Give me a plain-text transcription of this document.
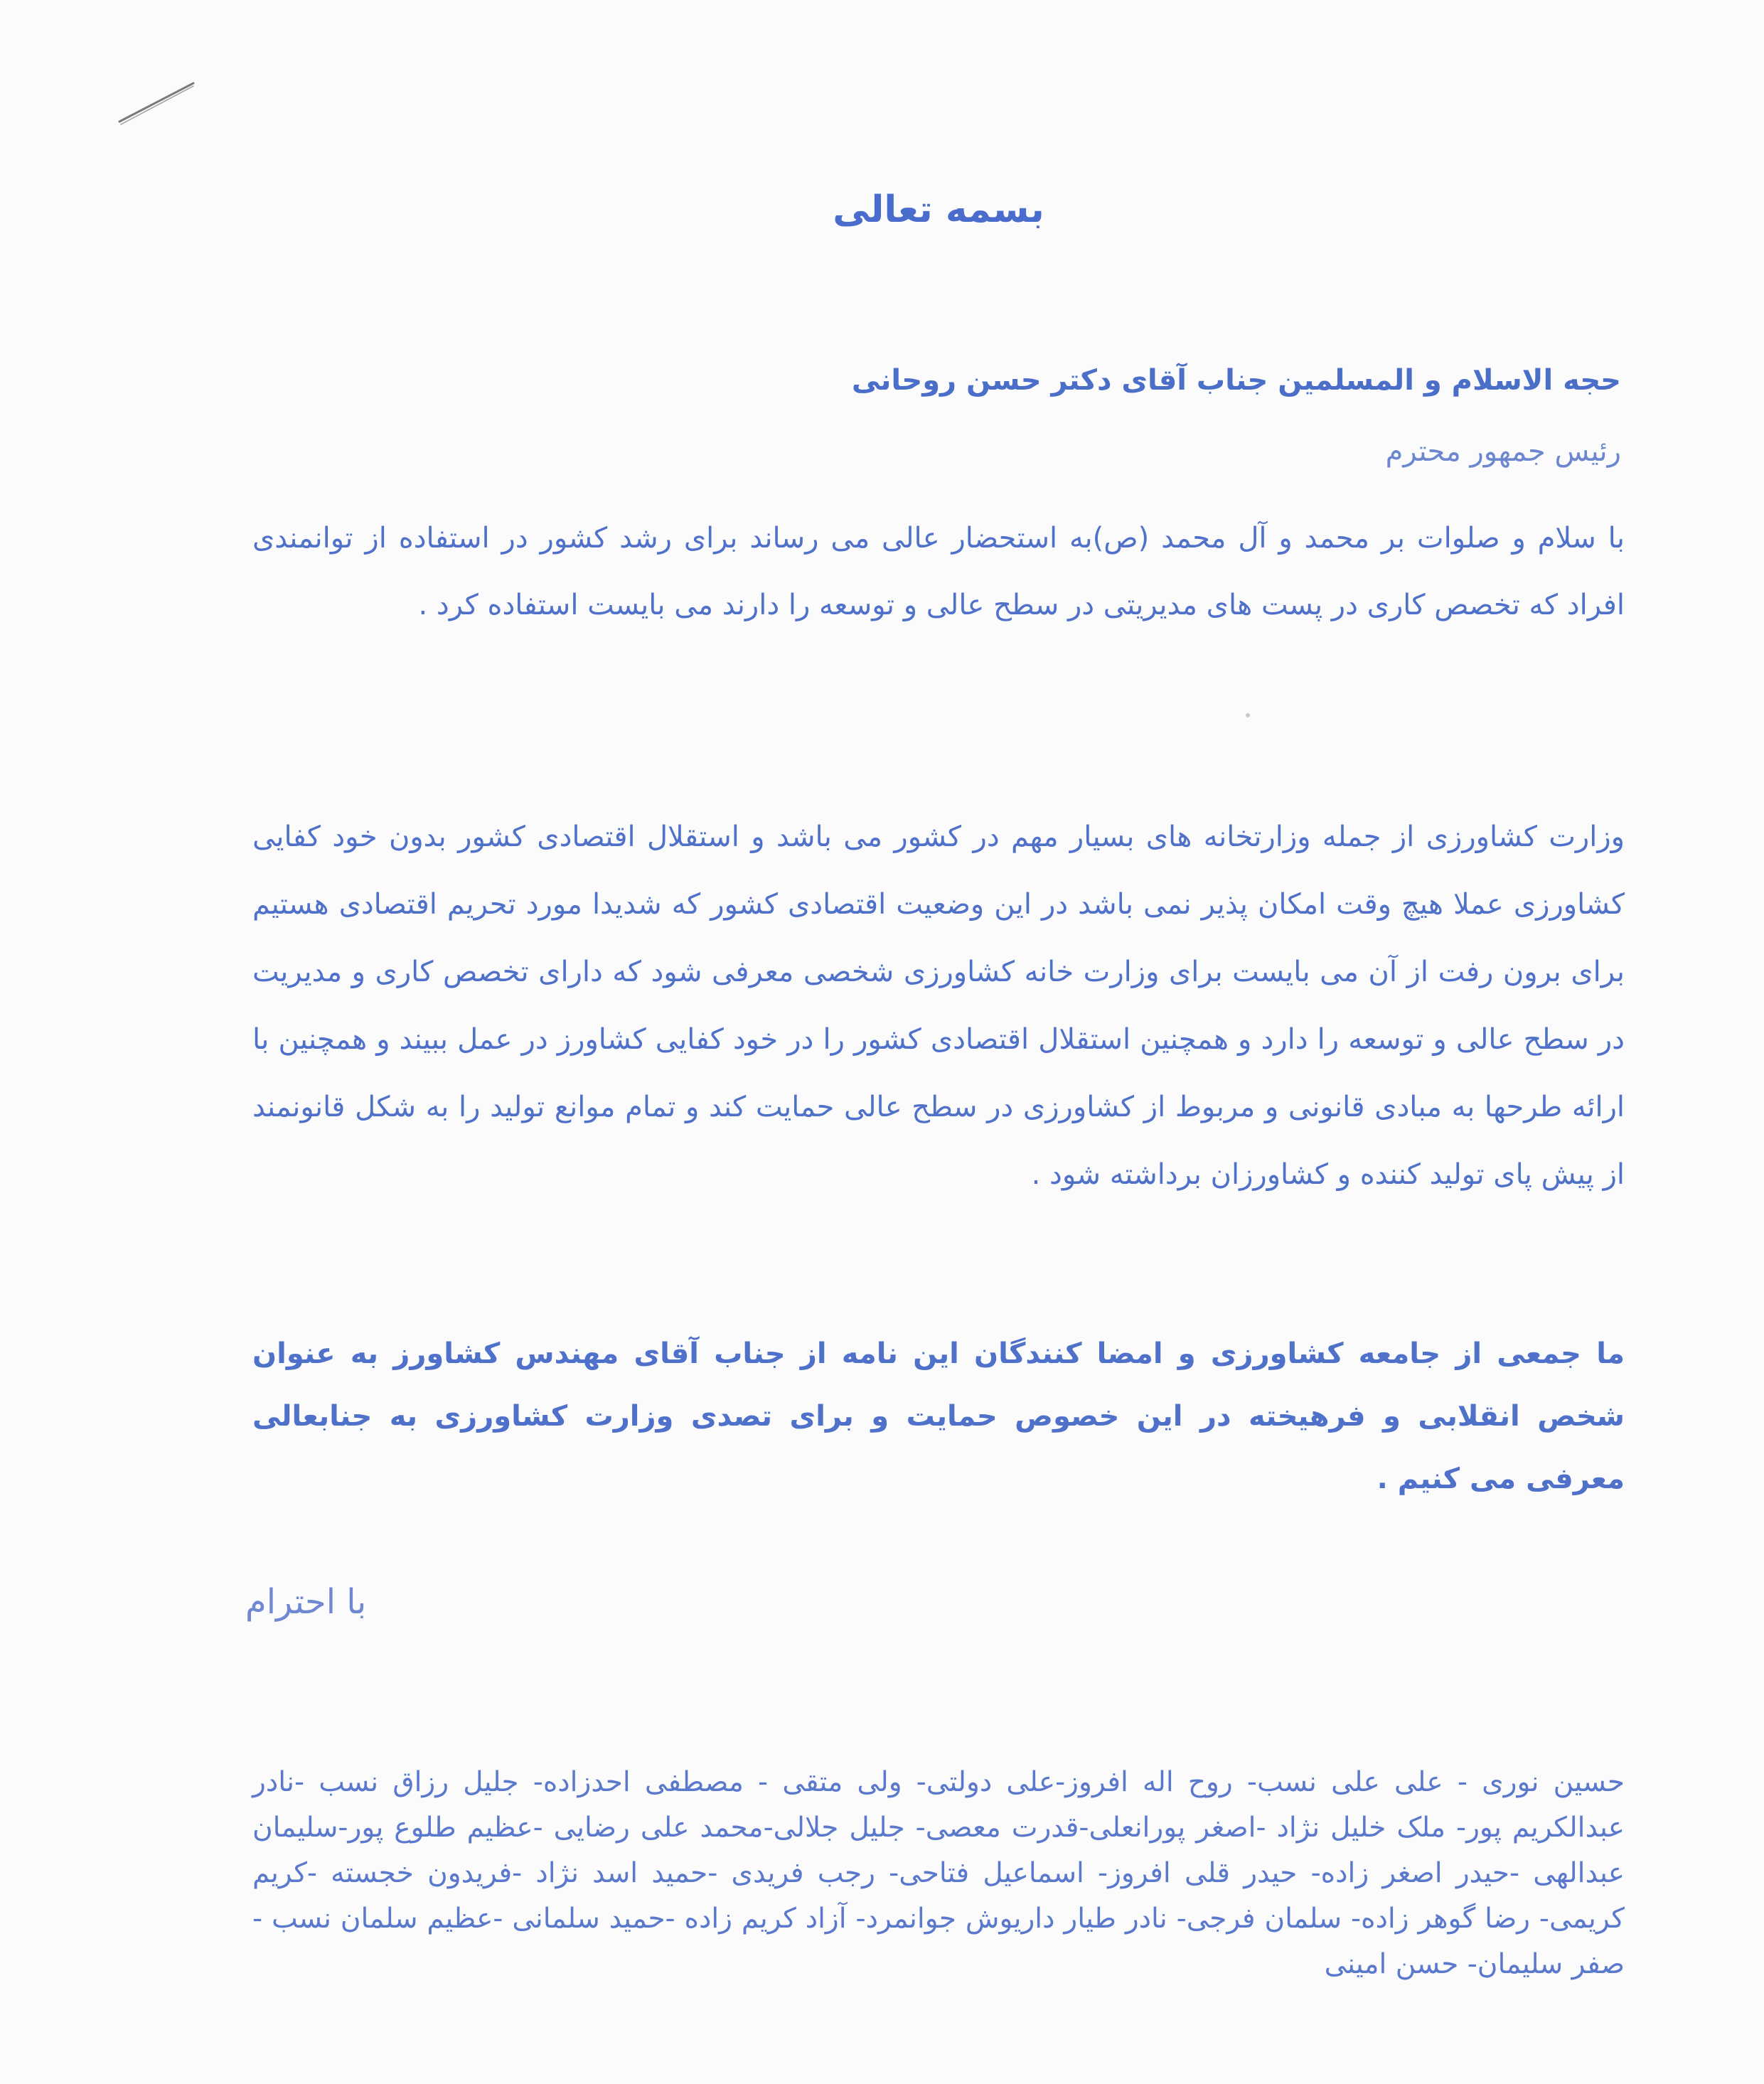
بسمه تعالی
حجه الاسلام و المسلمین جناب آقای دکتر حسن روحانی
رئیس جمهور محترم
با سلام و صلوات بر محمد و آل محمد (ص)به استحضار عالی می رساند برای رشد کشور در استفاده از توانمندی افراد که تخصص کاری در پست های مدیریتی در سطح عالی و توسعه را دارند می بایست استفاده کرد .
وزارت کشاورزی از جمله وزارتخانه های بسیار مهم در کشور می باشد و استقلال اقتصادی کشور بدون خود کفایی کشاورزی عملا هیچ وقت امکان پذیر نمی باشد در این وضعیت اقتصادی کشور که شدیدا مورد تحریم اقتصادی هستیم برای برون رفت از آن می بایست برای وزارت خانه کشاورزی شخصی معرفی شود که دارای تخصص کاری و مدیریت در سطح عالی و توسعه را دارد و همچنین استقلال اقتصادی کشور را در خود کفایی کشاورز در عمل ببیند و همچنین با ارائه طرحها به مبادی قانونی و مربوط از کشاورزی در سطح عالی حمایت کند و تمام موانع تولید را به شکل قانونمند از پیش پای تولید کننده و کشاورزان برداشته شود .
ما جمعی از جامعه کشاورزی و امضا کنندگان این نامه از جناب آقای مهندس کشاورز به عنوان شخص انقلابی و فرهیخته در این خصوص حمایت و برای تصدی وزارت کشاورزی به جنابعالی معرفی می کنیم .
با احترام
حسین نوری - علی علی نسب- روح اله افروز-علی دولتی- ولی متقی - مصطفی احدزاده- جلیل رزاق نسب -نادر عبدالکریم پور- ملک خلیل نژاد -اصغر پورانعلی-قدرت معصی- جلیل جلالی-محمد علی رضایی -عظیم طلوع پور-سلیمان عبدالهی -حیدر اصغر زاده- حیدر قلی افروز- اسماعیل فتاحی- رجب فریدی -حمید اسد نژاد -فریدون خجسته -کریم کریمی- رضا گوهر زاده- سلمان فرجی- نادر طیار داریوش جوانمرد- آزاد کریم زاده -حمید سلمانی -عظیم سلمان نسب - صفر سلیمان- حسن امینی
